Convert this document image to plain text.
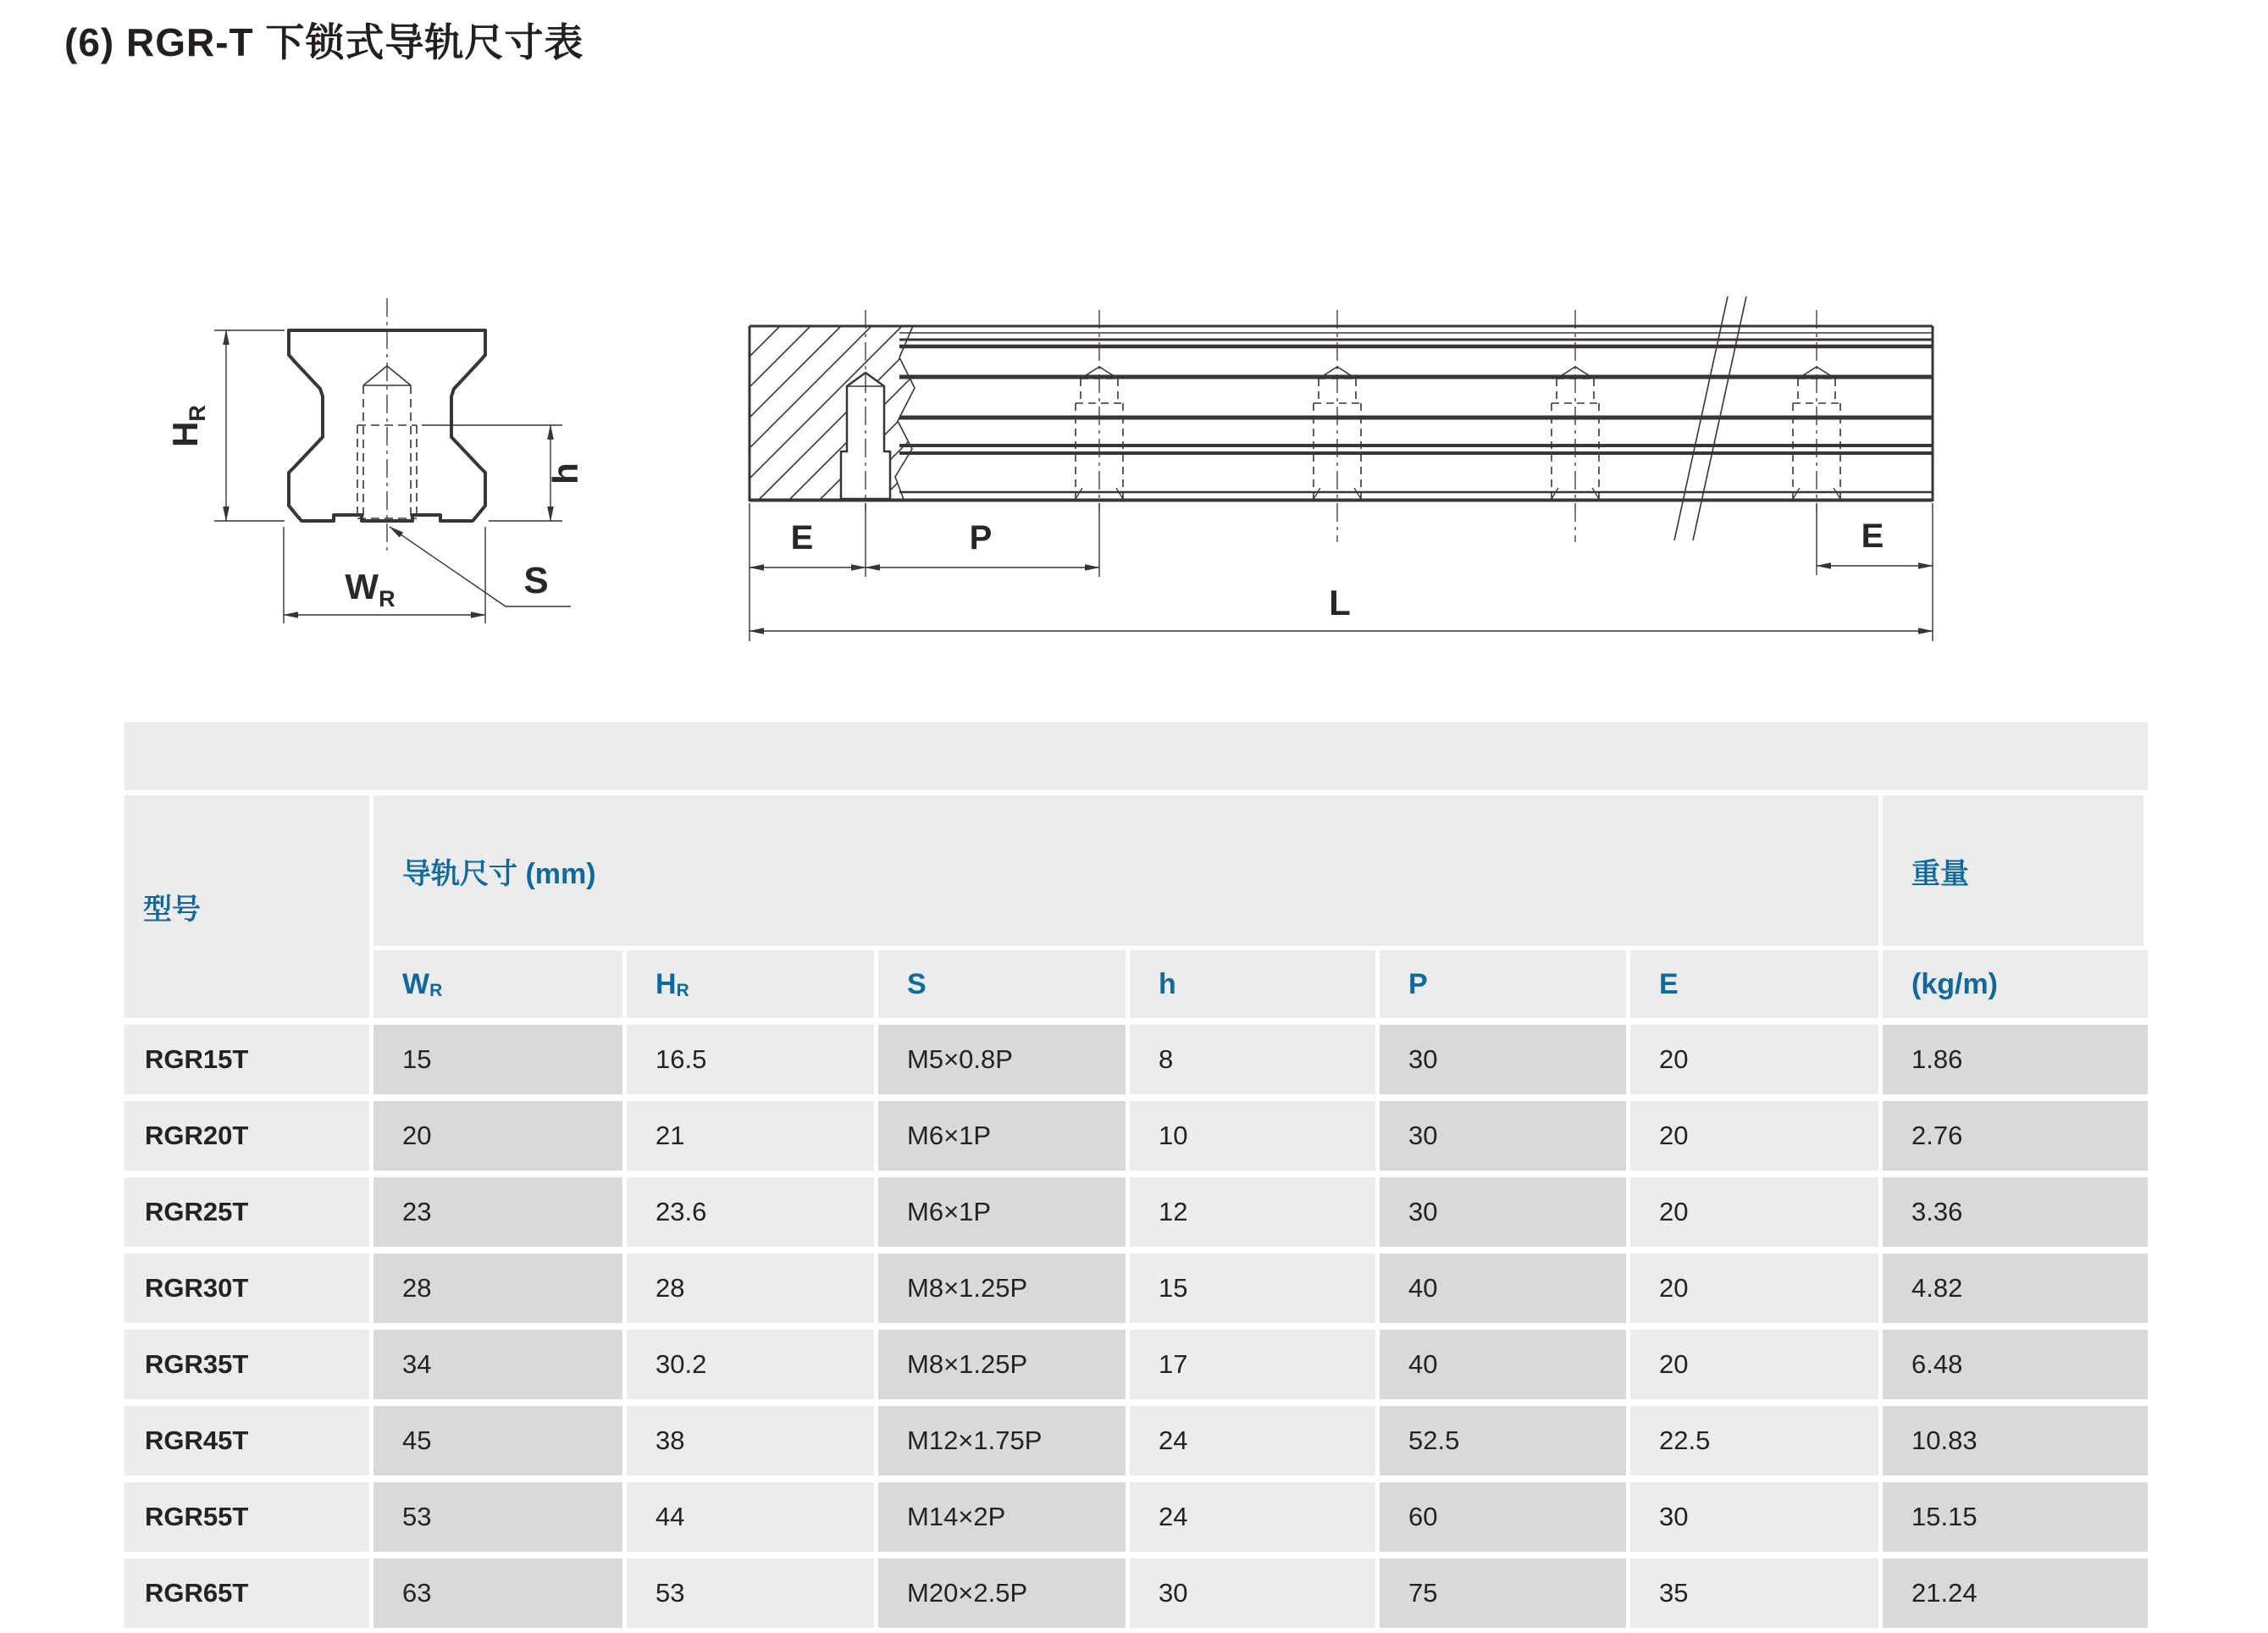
(6) RGR-T 下锁式导轨尺寸表
$H_R$
h
$W_R$	S
E	P	E
L
型号
导轨尺寸 (mm)	重量
W R	H R	S	h	P	E	(kg/m)
RGR15T	15	16.5	M5×0.8P	8	30	20	1.86
RGR20T	20	21	M6×1P	10	30	20	2.76
RGR25T	23	23.6	M6×1P	12	30	20	3.36
RGR30T	28	28	M8×1.25P	15	40	20	4.82
RGR35T	34	30.2	M8×1.25P	17	40	20	6.48
RGR45T	45	38	M12×1.75P	24	52.5	22.5	10.83
RGR55T	53	44	M14×2P	24	60	30	15.15
RGR65T	63	53	M20×2.5P	30	75	35	21.24
